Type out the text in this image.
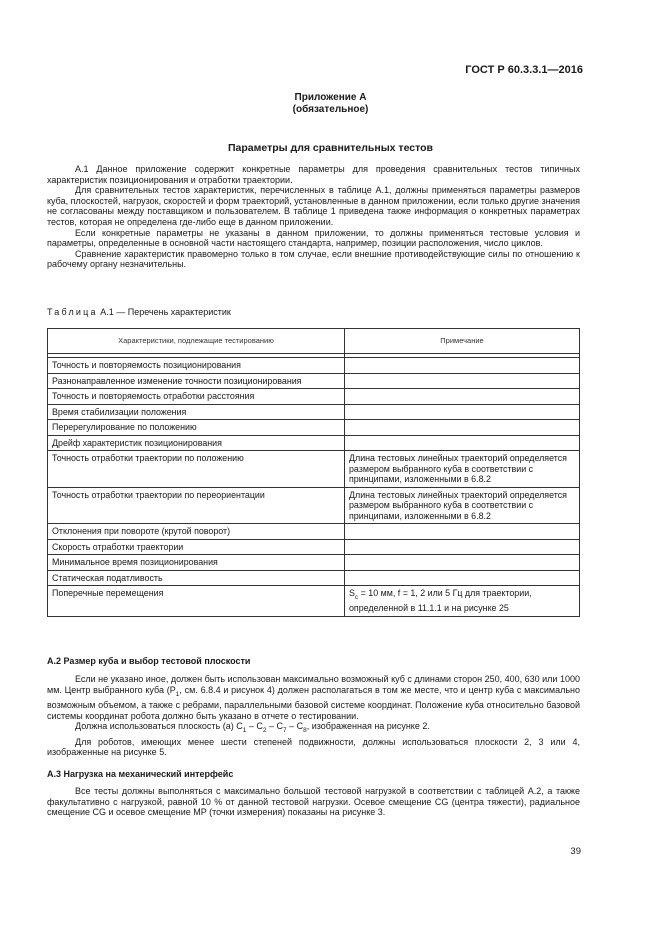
ГОСТ Р 60.3.3.1—2016
Приложение А
(обязательное)
Параметры для сравнительных тестов

А.1 Данное приложение содержит конкретные параметры для проведения сравнительных тестов типичных характеристик позиционирования и отработки траектории.

Для сравнительных тестов характеристик, перечисленных в таблице А.1, должны применяться параметры размеров куба, плоскостей, нагрузок, скоростей и форм траекторий, установленные в данном приложении, если только другие значения не согласованы между поставщиком и пользователем. В таблице 1 приведена также информация о конкретных параметрах тестов, которая не определена где-либо еще в данном приложении.

Если конкретные параметры не указаны в данном приложении, то должны применяться тестовые условия и параметры, определенные в основной части настоящего стандарта, например, позиции расположения, число циклов.

Сравнение характеристик правомерно только в том случае, если внешние противодействующие силы по отношению к рабочему органу незначительны.

Таблица А.1 — Перечень характеристик
Характеристики, подлежащие тестированию	Примечание

Точность и повторяемость позиционирования	
Разнонаправленное изменение точности позиционирования	
Точность и повторяемость отработки расстояния	
Время стабилизации положения	
Перерегулирование по положению	
Дрейф характеристик позиционирования	
Точность отработки траектории по положению	Длина тестовых линейных траекторий определяется размером выбранного куба в соответствии с принципами, изложенными в 6.8.2
Точность отработки траектории по переориентации	Длина тестовых линейных траекторий определяется размером выбранного куба в соответствии с принципами, изложенными в 6.8.2
Отклонения при повороте (крутой поворот)	
Скорость отработки траектории	
Минимальное время позиционирования	
Статическая податливость	
Поперечные перемещения	$S_c = 10$ мм, f = 1, 2 или 5 Гц для траектории, определенной в 11.1.1 и на рисунке 25
А.2 Размер куба и выбор тестовой плоскости

Если не указано иное, должен быть использован максимально возможный куб с длинами сторон 250, 400, 630 или 1000 мм. Центр выбранного куба ($P_1$, см. 6.8.4 и рисунок 4) должен располагаться в том же месте, что и центр куба с максимально возможным объемом, а также с ребрами, параллельными базовой системе координат. Положение куба относительно базовой системы координат робота должно быть указано в отчете о тестировании.

Должна использоваться плоскость (a) $C_1 - C_2 - C_7 - C_8$, изображенная на рисунке 2.

Для роботов, имеющих менее шести степеней подвижности, должны использоваться плоскости 2, 3 или 4, изображенные на рисунке 5.

А.3 Нагрузка на механический интерфейс

Все тесты должны выполняться с максимально большой тестовой нагрузкой в соответствии с таблицей А.2, а также факультативно с нагрузкой, равной 10 % от данной тестовой нагрузки. Осевое смещение CG (центра тяжести), радиальное смещение CG и осевое смещение MP (точки измерения) показаны на рисунке 3.

39
